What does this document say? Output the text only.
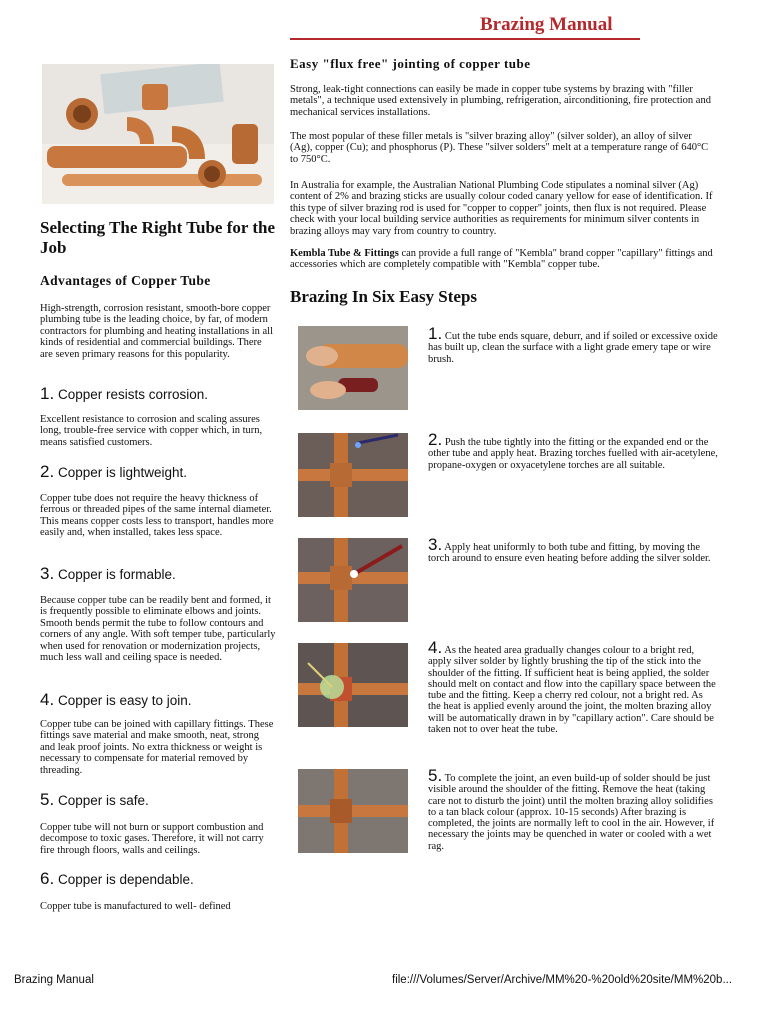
Brazing Manual
Easy "flux free" jointing of copper tube

Strong, leak-tight connections can easily be made in copper tube systems by brazing with "filler metals", a technique used extensively in plumbing, refrigeration, airconditioning, fire protection and mechanical services installations.

The most popular of these filler metals is "silver brazing alloy" (silver solder), an alloy of silver (Ag), copper (Cu); and phosphorus (P). These "silver solders" melt at a temperature range of 640°C to 750°C.

In Australia for example, the Australian National Plumbing Code stipulates a nominal silver (Ag) content of 2% and brazing sticks are usually colour coded canary yellow for ease of identification. If this type of silver brazing rod is used for "copper to copper" joints, then flux is not required. Please check with your local building service authorities as requirements for minimum silver contents in brazing alloys may vary from country to country.

Kembla Tube & Fittings can provide a full range of "Kembla" brand copper "capillary" fittings and accessories which are completely compatible with "Kembla" copper tube.

Brazing In Six Easy Steps
Selecting The Right Tube for the Job
Advantages of Copper Tube

High-strength, corrosion resistant, smooth-bore copper plumbing tube is the leading choice, by far, of modern contractors for plumbing and heating installations in all kinds of residential and commercial buildings. There are seven primary reasons for this popularity.

1. Copper resists corrosion.

Excellent resistance to corrosion and scaling assures long, trouble-free service with copper which, in turn, means satisfied customers.

2. Copper is lightweight.

Copper tube does not require the heavy thickness of ferrous or threaded pipes of the same internal diameter. This means copper costs less to transport, handles more easily and, when installed, takes less space.

3. Copper is formable.

Because copper tube can be readily bent and formed, it is frequently possible to eliminate elbows and joints. Smooth bends permit the tube to follow contours and corners of any angle. With soft temper tube, particularly when used for renovation or modernization projects, much less wall and ceiling space is needed.

4. Copper is easy to join.

Copper tube can be joined with capillary fittings. These fittings save material and make smooth, neat, strong and leak proof joints. No extra thickness or weight is necessary to compensate for material removed by threading.

5. Copper is safe.

Copper tube will not burn or support combustion and decompose to toxic gases. Therefore, it will not carry fire through floors, walls and ceilings.

6. Copper is dependable.

Copper tube is manufactured to well- defined

1. Cut the tube ends square, deburr, and if soiled or excessive oxide has built up, clean the surface with a light grade emery tape or wire brush.
2. Push the tube tightly into the fitting or the expanded end or the other tube and apply heat. Brazing torches fuelled with air-acetylene, propane-oxygen or oxyacetylene torches are all suitable.
3. Apply heat uniformly to both tube and fitting, by moving the torch around to ensure even heating before adding the silver solder.
4. As the heated area gradually changes colour to a bright red, apply silver solder by lightly brushing the tip of the stick into the shoulder of the fitting. If sufficient heat is being applied, the solder should melt on contact and flow into the capillary space between the tube and the fitting. Keep a cherry red colour, not a bright red. As the heat is applied evenly around the joint, the molten brazing alloy will be automatically drawn in by "capillary action". Care should be taken not to over heat the tube.
5. To complete the joint, an even build-up of solder should be just visible around the shoulder of the fitting. Remove the heat (taking care not to disturb the joint) until the molten brazing alloy solidifies to a tan black colour (approx. 10-15 seconds) After brazing is completed, the joints are normally left to cool in the air. However, if necessary the joints may be quenched in water or cooled with a wet rag.
Brazing Manual	file:///Volumes/Server/Archive/MM%20-%20old%20site/MM%20b...
